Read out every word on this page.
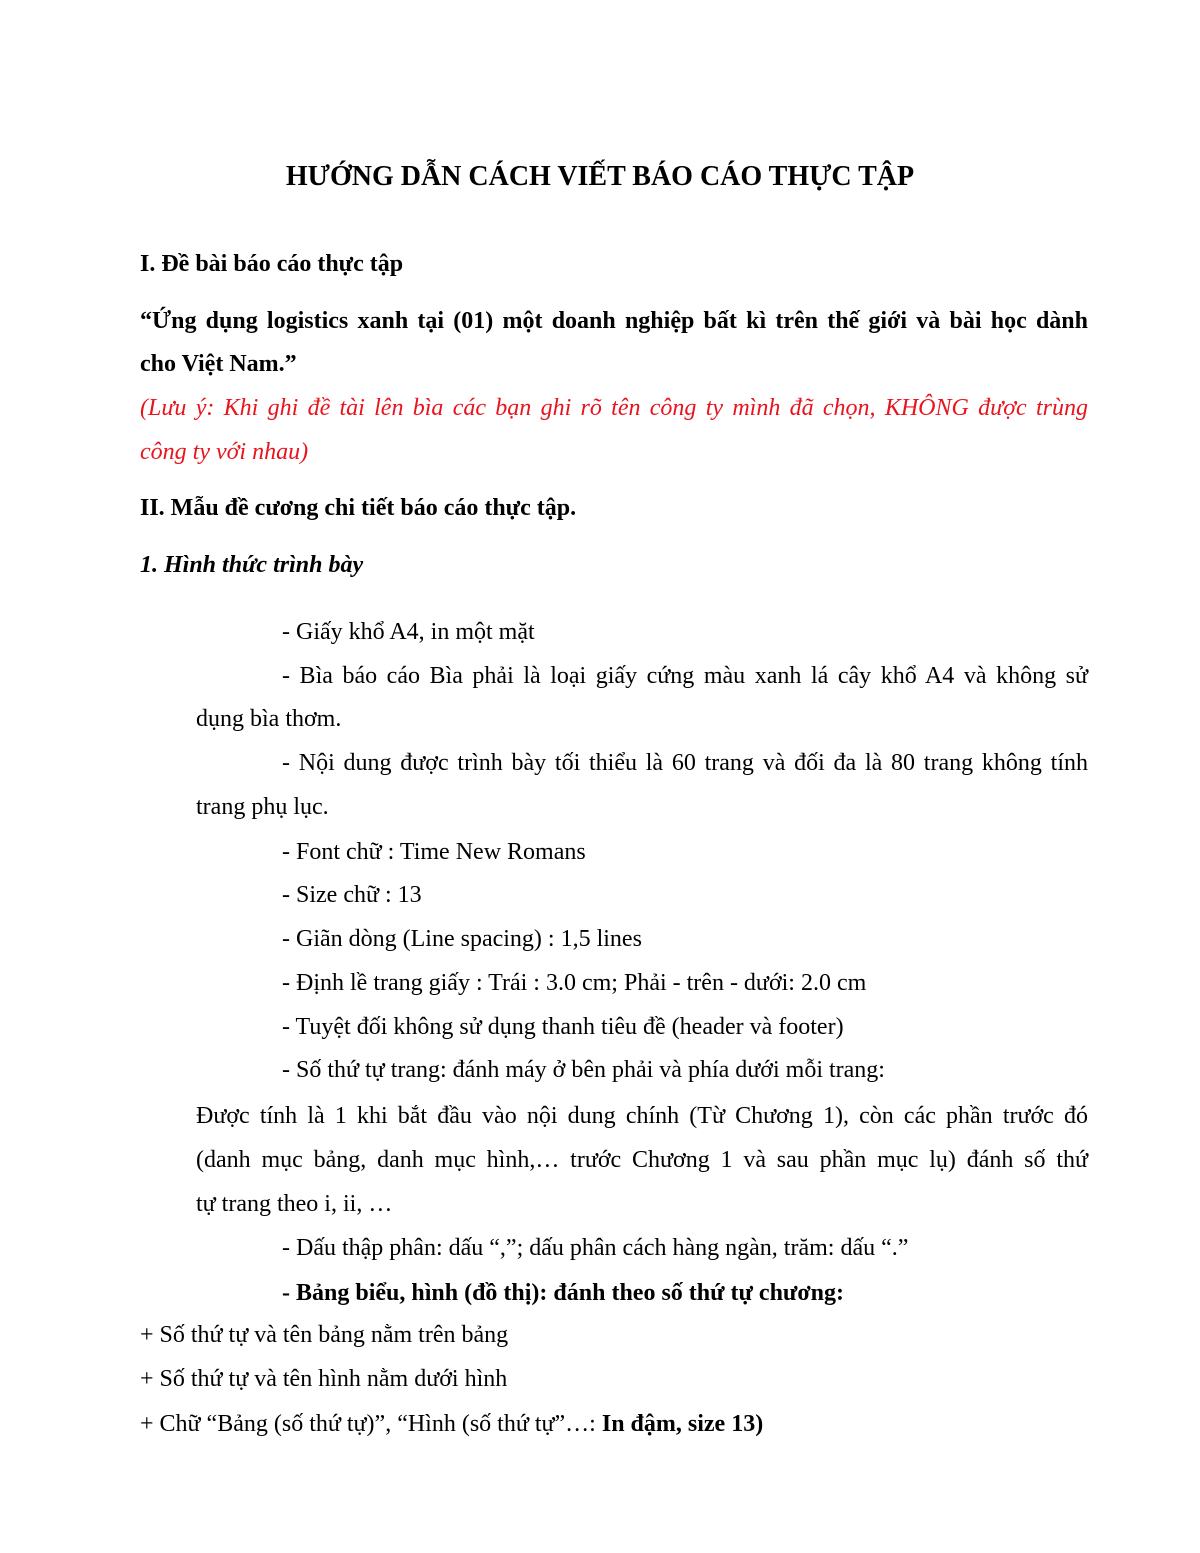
HƯỚNG DẪN CÁCH VIẾT BÁO CÁO THỰC TẬP
I. Đề bài báo cáo thực tập
“Ứng dụng logistics xanh tại (01) một doanh nghiệp bất kì trên thế giới và bài học dành
cho Việt Nam.”
(Lưu ý: Khi ghi đề tài lên bìa các bạn ghi rõ tên công ty mình đã chọn, KHÔNG được trùng
công ty với nhau)
II. Mẫu đề cương chi tiết báo cáo thực tập.
1. Hình thức trình bày
- Giấy khổ A4, in một mặt
- Bìa báo cáo Bìa phải là loại giấy cứng màu xanh lá cây khổ A4 và không sử
dụng bìa thơm.
- Nội dung được trình bày tối thiểu là 60 trang và đối đa là 80 trang không tính
trang phụ lục.
- Font chữ : Time New Romans
- Size chữ : 13
- Giãn dòng (Line spacing) : 1,5 lines
- Định lề trang giấy : Trái : 3.0 cm; Phải - trên - dưới: 2.0 cm
- Tuyệt đối không sử dụng thanh tiêu đề (header và footer)
- Số thứ tự trang: đánh máy ở bên phải và phía dưới mỗi trang:
Được tính là 1 khi bắt đầu vào nội dung chính (Từ Chương 1), còn các phần trước đó
(danh mục bảng, danh mục hình,… trước Chương 1 và sau phần mục lụ) đánh số thứ
tự trang theo i, ii, …
- Dấu thập phân: dấu “,”; dấu phân cách hàng ngàn, trăm: dấu “.”
- Bảng biểu, hình (đồ thị): đánh theo số thứ tự chương:
+ Số thứ tự và tên bảng nằm trên bảng
+ Số thứ tự và tên hình nằm dưới hình
+ Chữ “Bảng (số thứ tự)”, “Hình (số thứ tự”…: In đậm, size 13)
